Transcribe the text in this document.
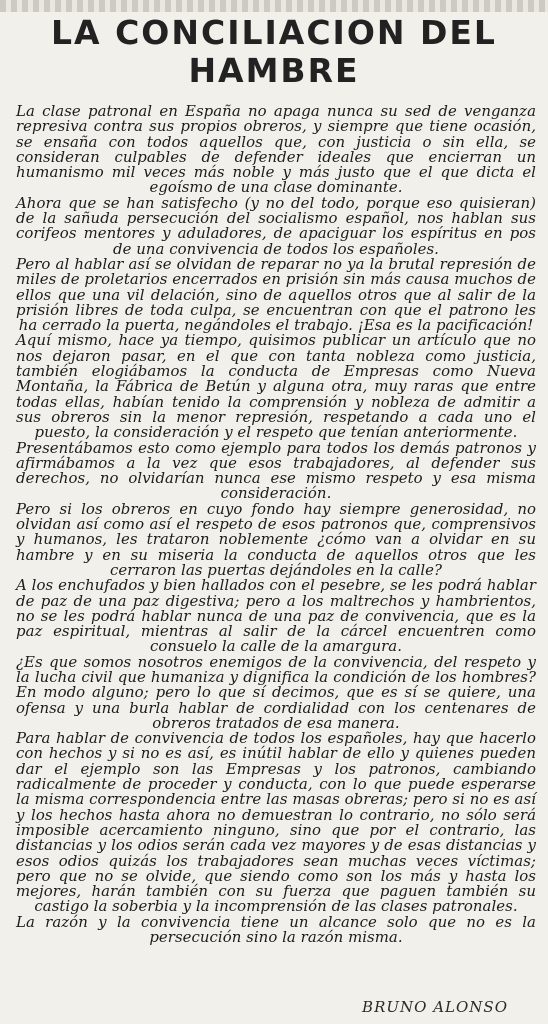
LA CONCILIACION DEL HAMBRE

La clase patronal en España no apaga nunca su sed de venganza represiva contra sus propios obreros, y siempre que tiene ocasión, se ensaña con todos aquellos que, con justicia o sin ella, se consideran culpables de defender ideales que encierran un humanismo mil veces más noble y más justo que el que dicta el egoísmo de una clase dominante.

Ahora que se han satisfecho (y no del todo, porque eso quisieran) de la sañuda persecución del socialismo español, nos hablan sus corifeos mentores y aduladores, de apaciguar los espíritus en pos de una convivencia de todos los españoles.

Pero al hablar así se olvidan de reparar no ya la brutal represión de miles de proletarios encerrados en prisión sin más causa muchos de ellos que una vil delación, sino de aquellos otros que al salir de la prisión libres de toda culpa, se encuentran con que el patrono les ha cerrado la puerta, negándoles el trabajo. ¡Esa es la pacificación!

Aquí mismo, hace ya tiempo, quisimos publicar un artículo que no nos dejaron pasar, en el que con tanta nobleza como justicia, también elogiábamos la conducta de Empresas como Nueva Montaña, la Fábrica de Betún y alguna otra, muy raras que entre todas ellas, habían tenido la comprensión y nobleza de admitir a sus obreros sin la menor represión, respetando a cada uno el puesto, la consideración y el respeto que tenían anteriormente.

Presentábamos esto como ejemplo para todos los demás patronos y afirmábamos a la vez que esos trabajadores, al defender sus derechos, no olvidarían nunca ese mismo respeto y esa misma consideración.

Pero si los obreros en cuyo fondo hay siempre generosidad, no olvidan así como así el respeto de esos patronos que, comprensivos y humanos, les trataron noblemente ¿cómo van a olvidar en su hambre y en su miseria la conducta de aquellos otros que les cerraron las puertas dejándoles en la calle?

A los enchufados y bien hallados con el pesebre, se les podrá hablar de paz de una paz digestiva; pero a los maltrechos y hambrientos, no se les podrá hablar nunca de una paz de convivencia, que es la paz espiritual, mientras al salir de la cárcel encuentren como consuelo la calle de la amargura.

¿Es que somos nosotros enemigos de la convivencia, del respeto y la lucha civil que humaniza y dignifica la condición de los hombres? En modo alguno; pero lo que sí decimos, que es sí se quiere, una ofensa y una burla hablar de cordialidad con los centenares de obreros tratados de esa manera.

Para hablar de convivencia de todos los españoles, hay que hacerlo con hechos y si no es así, es inútil hablar de ello y quienes pueden dar el ejemplo son las Empresas y los patronos, cambiando radicalmente de proceder y conducta, con lo que puede esperarse la misma correspondencia entre las masas obreras; pero si no es así y los hechos hasta ahora no demuestran lo contrario, no sólo será imposible acercamiento ninguno, sino que por el contrario, las distancias y los odios serán cada vez mayores y de esas distancias y esos odios quizás los trabajadores sean muchas veces víctimas; pero que no se olvide, que siendo como son los más y hasta los mejores, harán también con su fuerza que paguen también su castigo la soberbia y la incomprensión de las clases patronales.

La razón y la convivencia tiene un alcance solo que no es la persecución sino la razón misma.

BRUNO ALONSO
